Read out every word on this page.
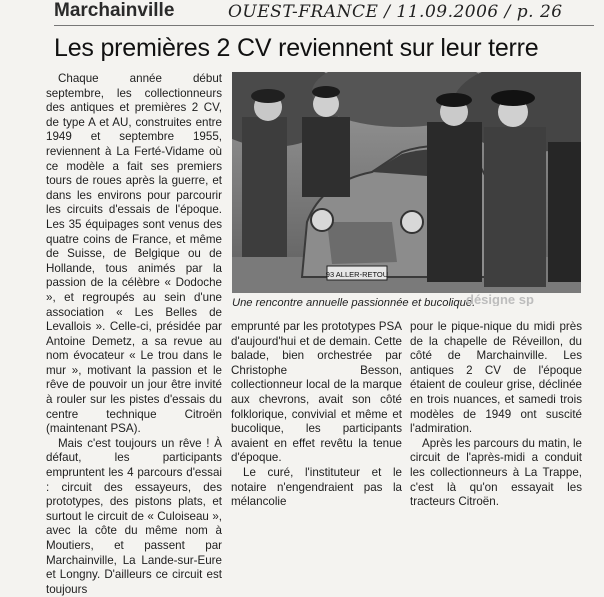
Marchainville	OUEST-FRANCE / 11.09.2006 / p. 26
Les premières 2 CV reviennent sur leur terre

Chaque année début septembre, les collectionneurs des antiques et premières 2 CV, de type A et AU, construites entre 1949 et septembre 1955, reviennent à La Ferté-Vidame où ce modèle a fait ses premiers tours de roues après la guerre, et dans les environs pour parcourir les circuits d'essais de l'époque. Les 35 équipages sont venus des quatre coins de France, et même de Suisse, de Belgique ou de Hollande, tous animés par la passion de la célèbre « Dodoche », et regroupés au sein d'une association « Les Belles de Levallois ». Celle-ci, présidée par Antoine Demetz, a sa revue au nom évocateur « Le trou dans le mur », motivant la passion et le rêve de pouvoir un jour être invité à rouler sur les pistes d'essais du centre technique Citroën (maintenant PSA).

Mais c'est toujours un rêve ! À défaut, les participants empruntent les 4 parcours d'essai : circuit des essayeurs, des prototypes, des pistons plats, et surtout le circuit de « Culoiseau », avec la côte du même nom à Moutiers, et passent par Marchainville, La Lande-sur-Eure et Longny. D'ailleurs ce circuit est toujours

93 ALLER-RETOU
Une rencontre annuelle passionnée et bucolique.
désigne sp

emprunté par les prototypes PSA d'aujourd'hui et de demain. Cette balade, bien orchestrée par Christophe Besson, collectionneur local de la marque aux chevrons, avait son côté folklorique, convivial et même et bucolique, les participants avaient en effet revêtu la tenue d'époque.

Le curé, l'instituteur et le notaire n'engendraient pas la mélancolie

pour le pique-nique du midi près de la chapelle de Réveillon, du côté de Marchainville. Les antiques 2 CV de l'époque étaient de couleur grise, déclinée en trois nuances, et samedi trois modèles de 1949 ont suscité l'admiration.

Après les parcours du matin, le circuit de l'après-midi a conduit les collectionneurs à La Trappe, c'est là qu'on essayait les tracteurs Citroën.
